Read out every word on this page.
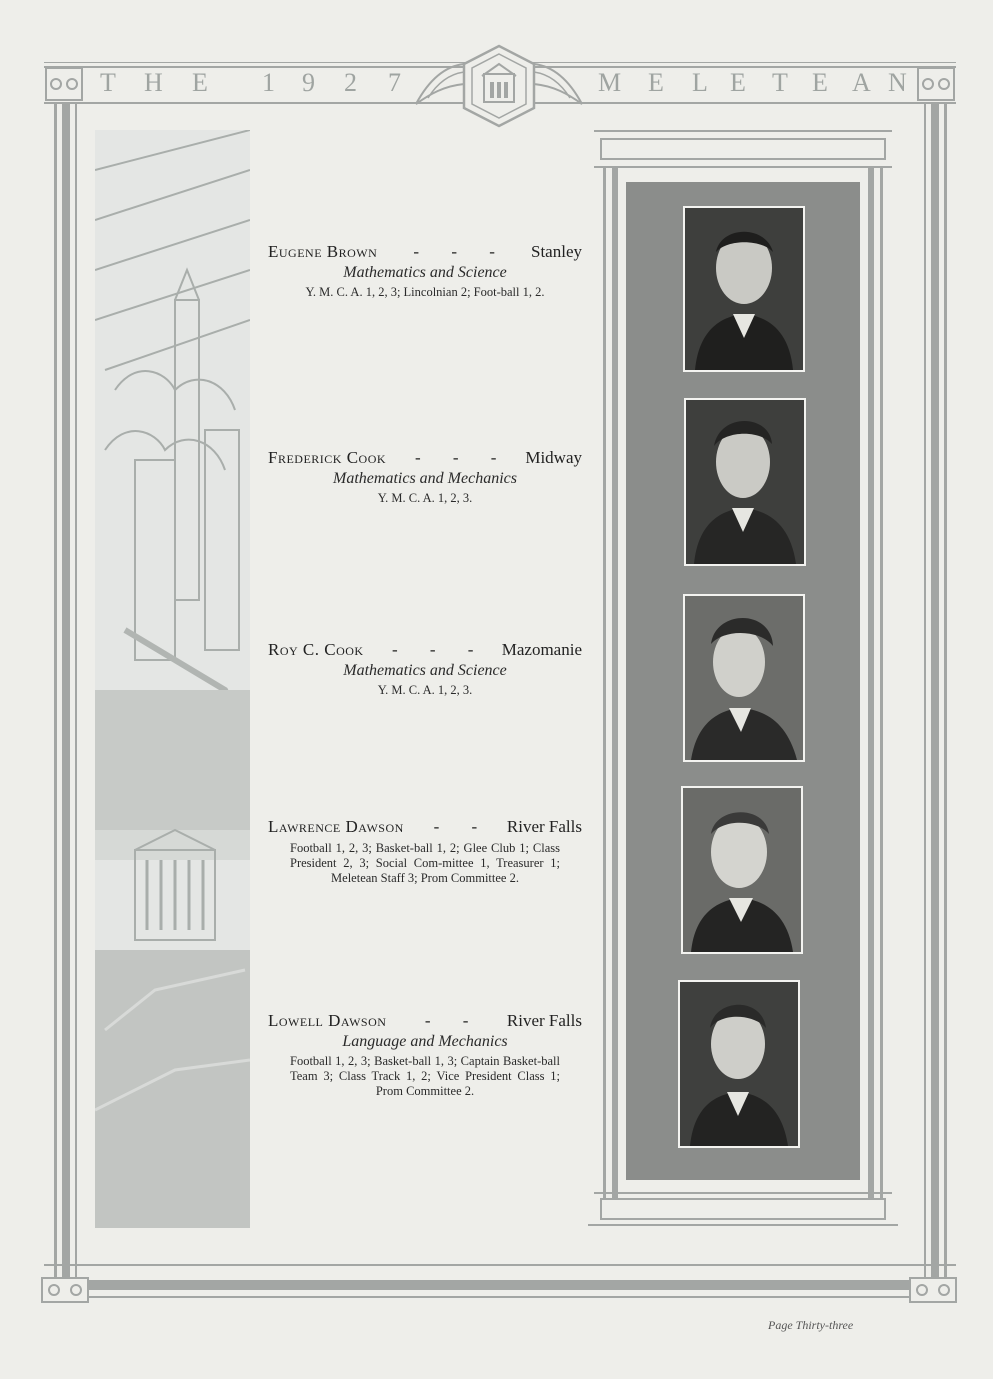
T H E 1 9 2 7	M E L E T E A N
Eugene Brown	- - -	Stanley
Mathematics and Science
Y. M. C. A. 1, 2, 3; Lincolnian 2; Foot-ball 1, 2.
Frederick Cook	- - - Midway
Mathematics and Mechanics
Y. M. C. A. 1, 2, 3.
Roy C. Cook	- - - Mazomanie
Mathematics and Science
Y. M. C. A. 1, 2, 3.
Lawrence Dawson	- - River Falls
Football 1, 2, 3; Basket-ball 1, 2; Glee Club 1; Class President 2, 3; Social Com-mittee 1, Treasurer 1; Meletean Staff 3; Prom Committee 2.
Lowell Dawson	- -	River Falls
Language and Mechanics
Football 1, 2, 3; Basket-ball 1, 3; Captain Basket-ball Team 3; Class Track 1, 2; Vice President Class 1; Prom Committee 2.
Page Thirty-three
